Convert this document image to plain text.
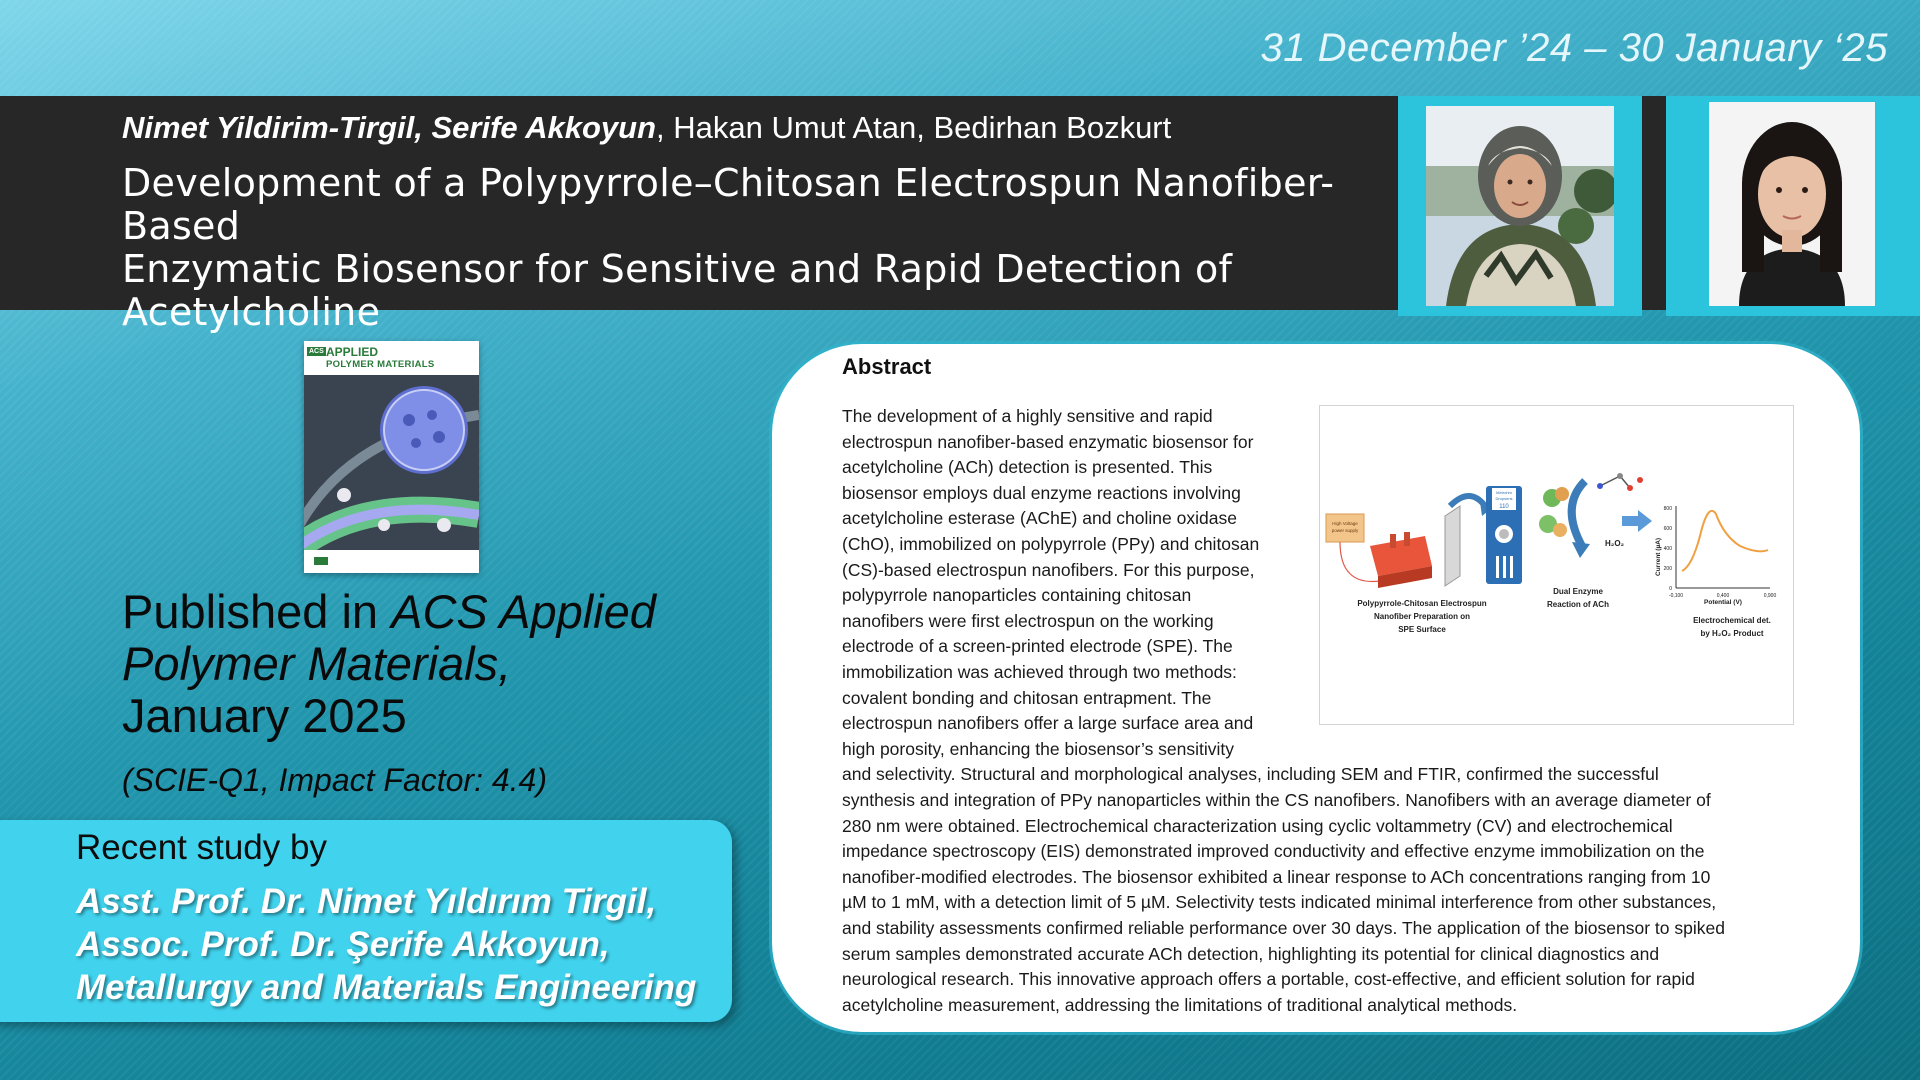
31 December ’24 – 30 January ‘25
Nimet Yildirim-Tirgil, Serife Akkoyun, Hakan Umut Atan, Bedirhan Bozkurt
Development of a Polypyrrole–Chitosan Electrospun Nanofiber-Based
Enzymatic Biosensor for Sensitive and Rapid Detection of
Acetylcholine
ACS APPLIED
POLYMER MATERIALS
Published in ACS Applied
Polymer Materials,
January 2025
(SCIE-Q1, Impact Factor: 4.4)
Recent study by
Asst. Prof. Dr. Nimet Yıldırım Tirgil,
Assoc. Prof. Dr. Şerife Akkoyun,
Metallurgy and Materials Engineering
Abstract
The development of a highly sensitive and rapid
electrospun nanofiber-based enzymatic biosensor for
acetylcholine (ACh) detection is presented. This
biosensor employs dual enzyme reactions involving
acetylcholine esterase (AChE) and choline oxidase
(ChO), immobilized on polypyrrole (PPy) and chitosan
(CS)-based electrospun nanofibers. For this purpose,
polypyrrole nanoparticles containing chitosan
nanofibers were first electrospun on the working
electrode of a screen-printed electrode (SPE). The
immobilization was achieved through two methods:
covalent bonding and chitosan entrapment. The
electrospun nanofibers offer a large surface area and
high porosity, enhancing the biosensor’s sensitivity
and selectivity. Structural and morphological analyses, including SEM and FTIR, confirmed the successful
synthesis and integration of PPy nanoparticles within the CS nanofibers. Nanofibers with an average diameter of
280 nm were obtained. Electrochemical characterization using cyclic voltammetry (CV) and electrochemical
impedance spectroscopy (EIS) demonstrated improved conductivity and effective enzyme immobilization on the
nanofiber-modified electrodes. The biosensor exhibited a linear response to ACh concentrations ranging from 10
µM to 1 mM, with a detection limit of 5 µM. Selectivity tests indicated minimal interference from other substances,
and stability assessments confirmed reliable performance over 30 days. The application of the biosensor to spiked
serum samples demonstrated accurate ACh detection, highlighting its potential for clinical diagnostics and
neurological research. This innovative approach offers a portable, cost-effective, and efficient solution for rapid
acetylcholine measurement, addressing the limitations of traditional analytical methods.
High Voltage
power supply
Metrohm
Dropsens
110
H₂O₂
800
600
400
200
0
Current (µA)
-0,100	0,400	0,900
Potential (V)
Polypyrrole-Chitosan Electrospun
Nanofiber Preparation on
SPE Surface
Dual Enzyme
Reaction of ACh
Electrochemical det.
by H₂O₂ Product
